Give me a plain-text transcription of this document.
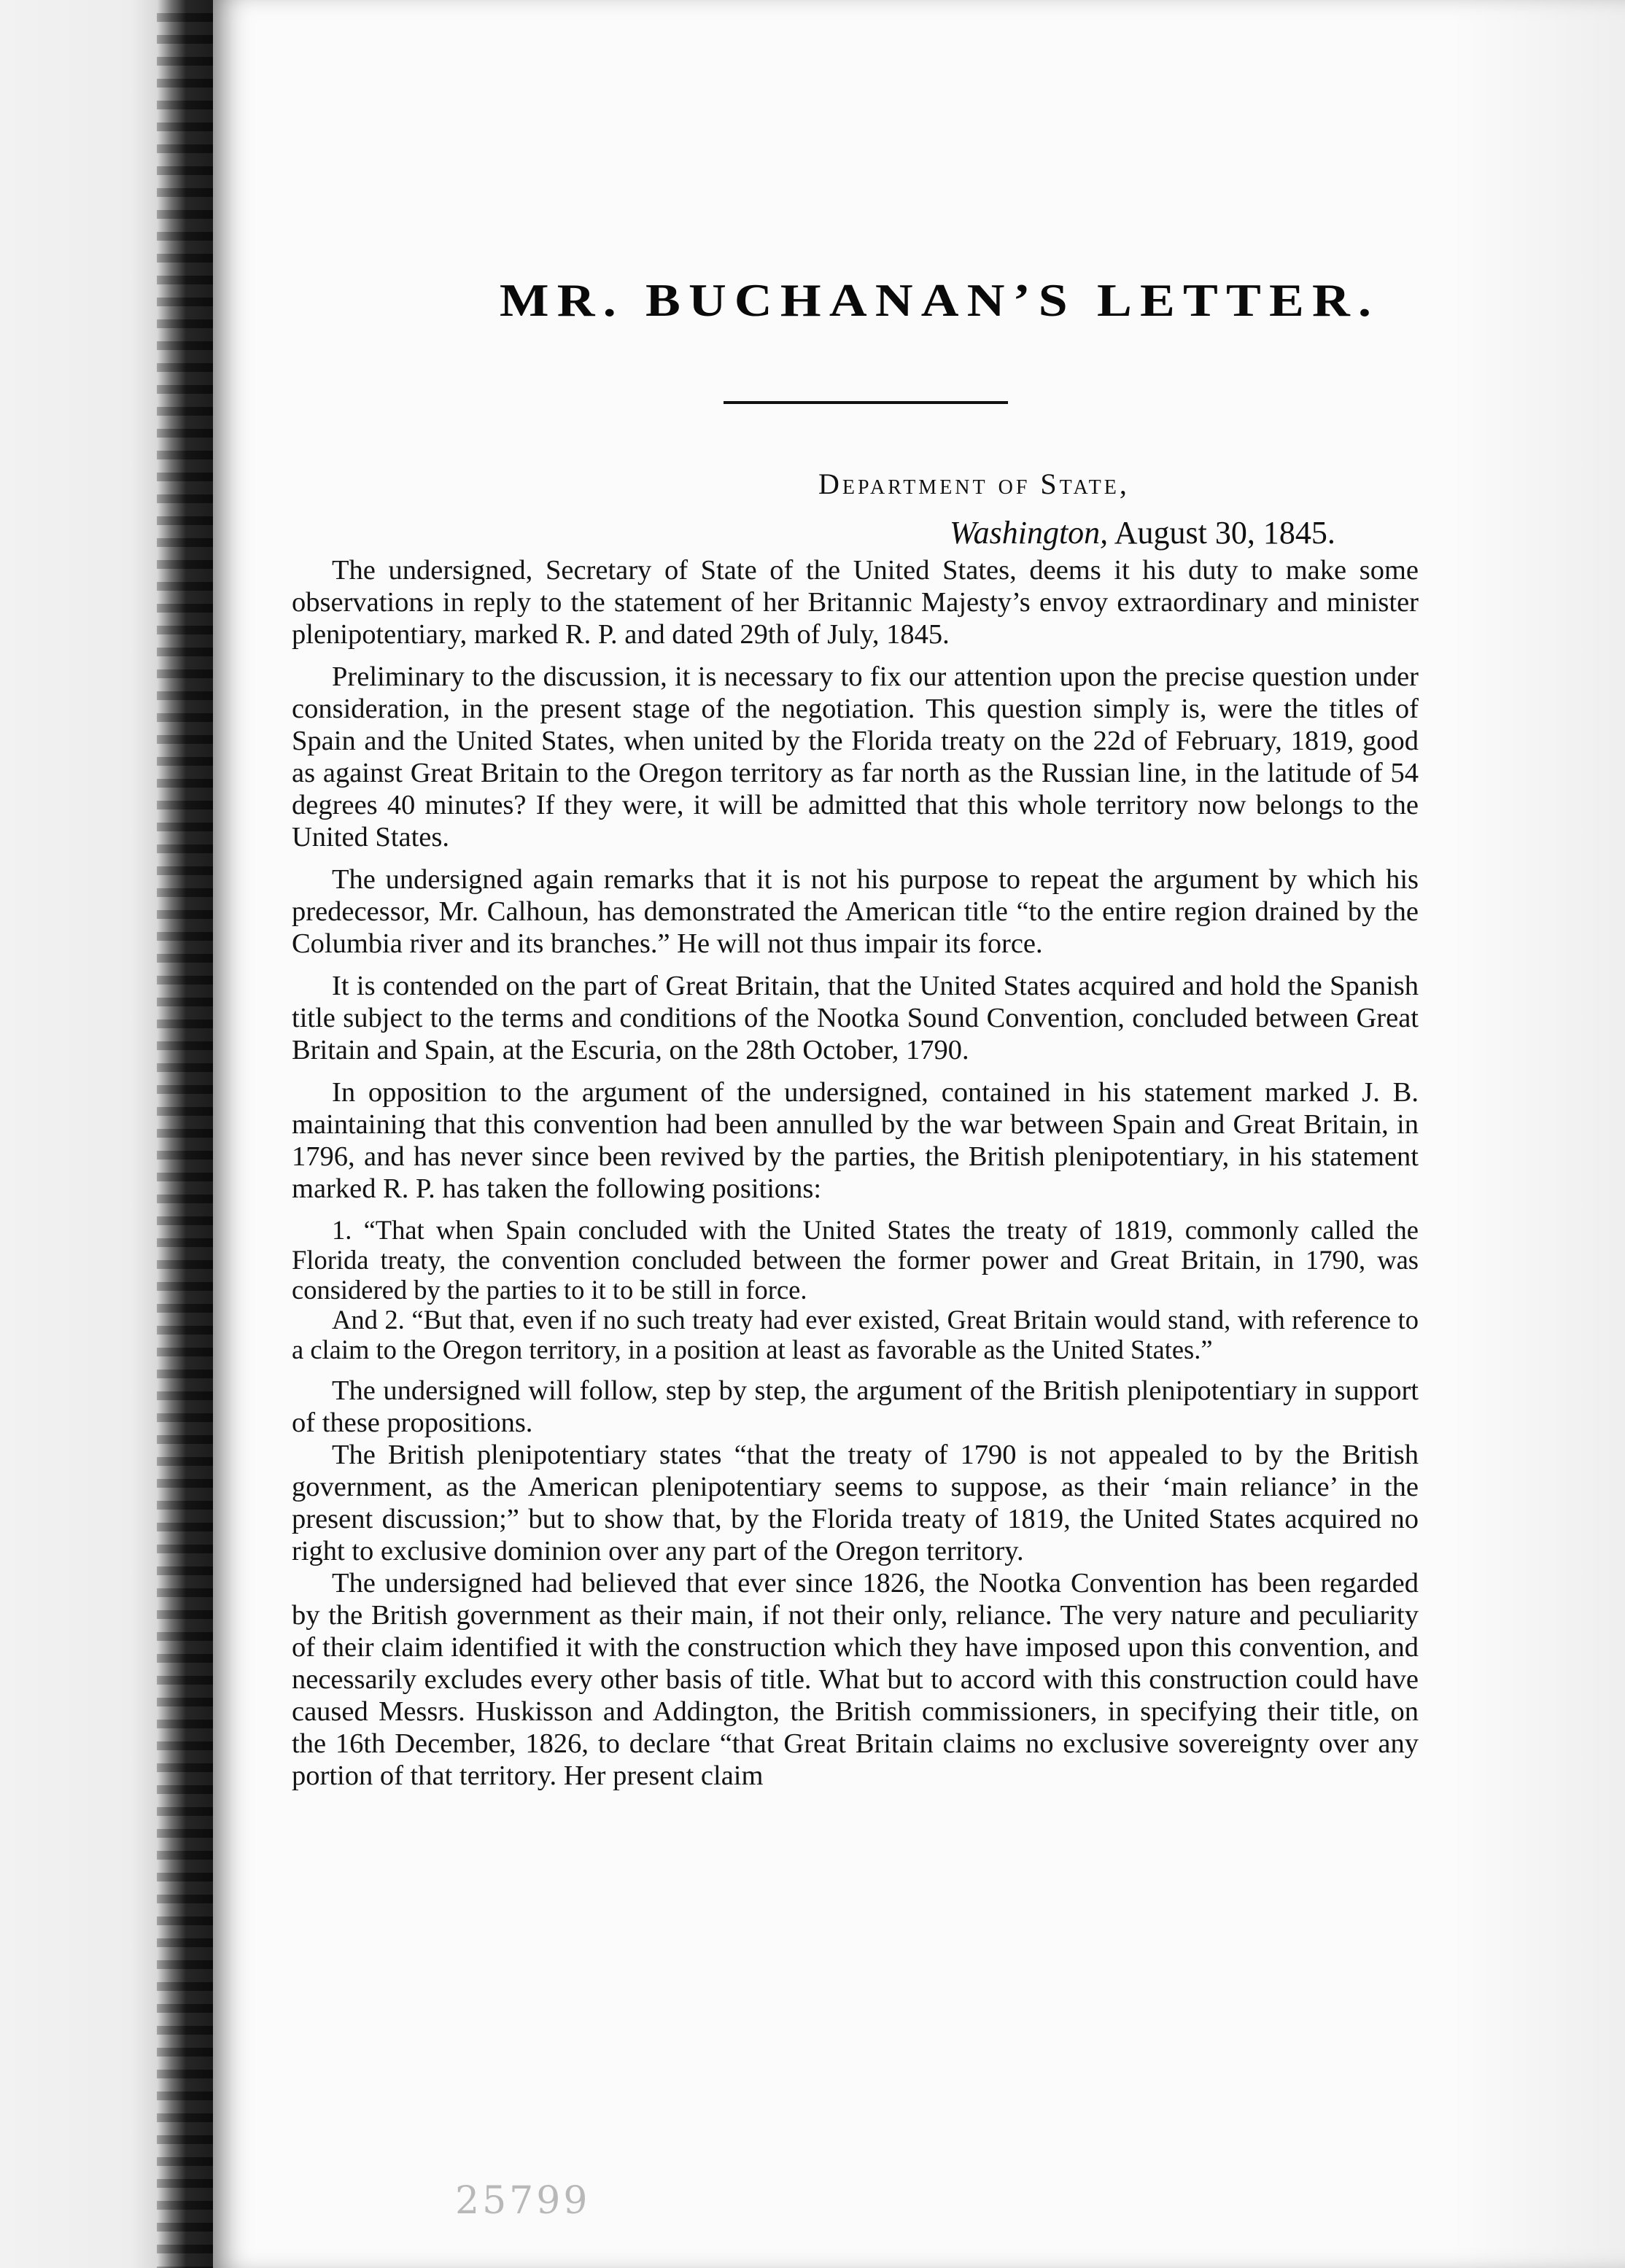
MR. BUCHANAN’S LETTER.
Department of State,
Washington, August 30, 1845.

The undersigned, Secretary of State of the United States, deems it his duty to make some observations in reply to the statement of her Britannic Majesty’s envoy extraordinary and minister plenipotentiary, marked R. P. and dated 29th of July, 1845.

Preliminary to the discussion, it is necessary to fix our attention upon the precise question under consideration, in the present stage of the negotiation. This question simply is, were the titles of Spain and the United States, when united by the Florida treaty on the 22d of February, 1819, good as against Great Britain to the Oregon territory as far north as the Russian line, in the latitude of 54 degrees 40 minutes? If they were, it will be admitted that this whole territory now belongs to the United States.

The undersigned again remarks that it is not his purpose to repeat the argument by which his predecessor, Mr. Calhoun, has demonstrated the American title “to the entire region drained by the Columbia river and its branches.” He will not thus impair its force.

It is contended on the part of Great Britain, that the United States acquired and hold the Spanish title subject to the terms and conditions of the Nootka Sound Convention, concluded between Great Britain and Spain, at the Escuria, on the 28th October, 1790.

In opposition to the argument of the undersigned, contained in his statement marked J. B. maintaining that this convention had been annulled by the war between Spain and Great Britain, in 1796, and has never since been revived by the parties, the British plenipotentiary, in his statement marked R. P. has taken the following positions:

1. “That when Spain concluded with the United States the treaty of 1819, commonly called the Florida treaty, the convention concluded between the former power and Great Britain, in 1790, was considered by the parties to it to be still in force.

And 2. “But that, even if no such treaty had ever existed, Great Britain would stand, with reference to a claim to the Oregon territory, in a position at least as favorable as the United States.”

The undersigned will follow, step by step, the argument of the British plenipotentiary in support of these propositions.

The British plenipotentiary states “that the treaty of 1790 is not appealed to by the British government, as the American plenipotentiary seems to suppose, as their ‘main reliance’ in the present discussion;” but to show that, by the Florida treaty of 1819, the United States acquired no right to exclusive dominion over any part of the Oregon territory.

The undersigned had believed that ever since 1826, the Nootka Convention has been regarded by the British government as their main, if not their only, reliance. The very nature and peculiarity of their claim identified it with the construction which they have imposed upon this convention, and necessarily excludes every other basis of title. What but to accord with this construction could have caused Messrs. Huskisson and Addington, the British commissioners, in specifying their title, on the 16th December, 1826, to declare “that Great Britain claims no exclusive sovereignty over any portion of that territory. Her present claim

25799
